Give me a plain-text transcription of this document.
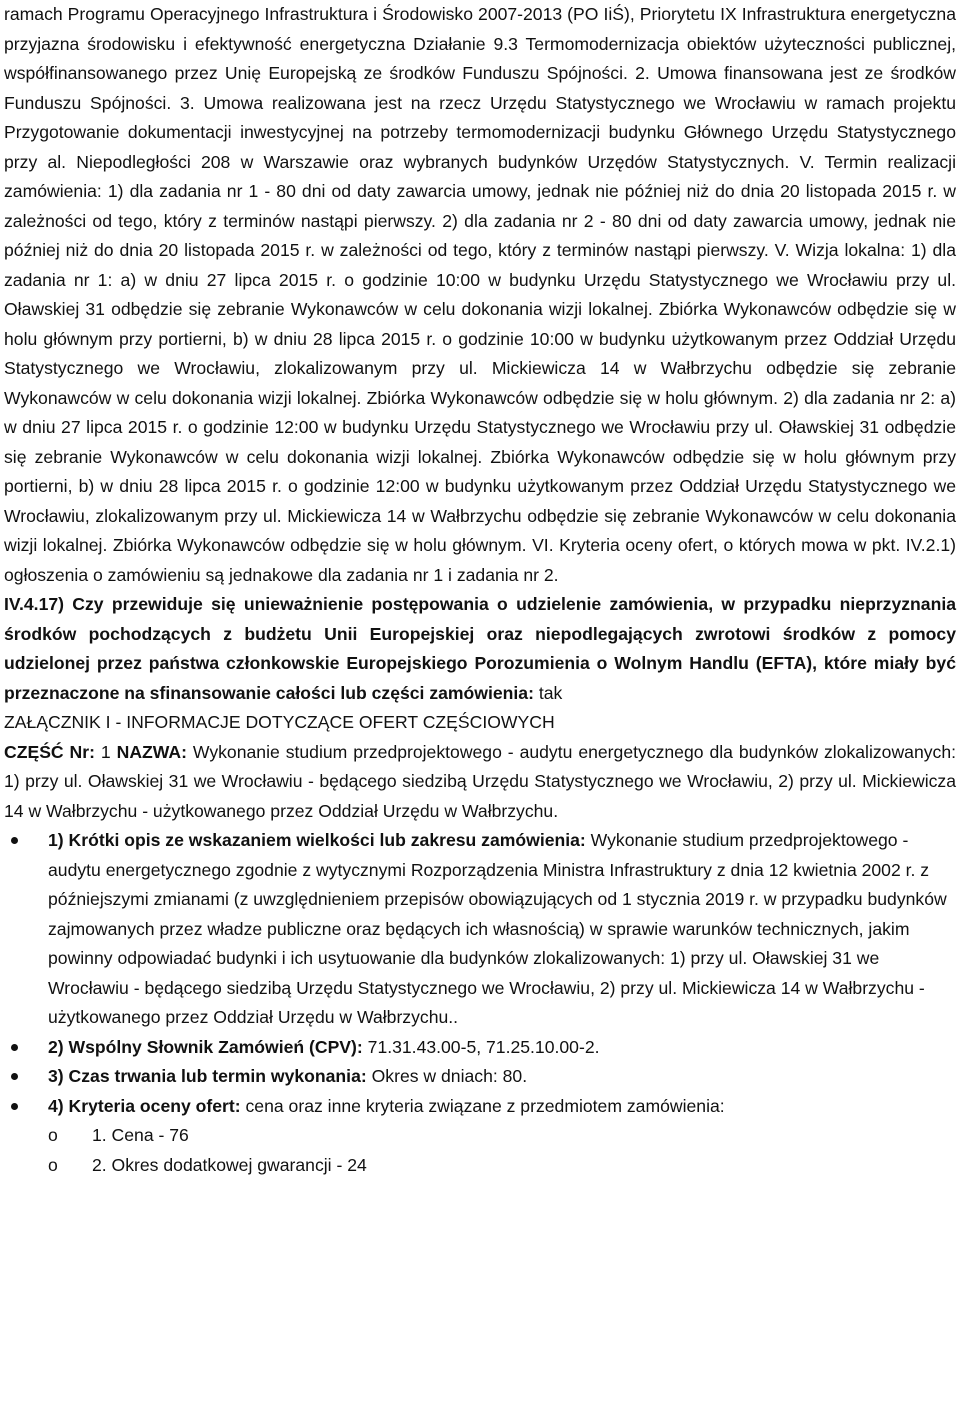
ramach Programu Operacyjnego Infrastruktura i Środowisko 2007-2013 (PO IiŚ), Priorytetu IX Infrastruktura energetyczna przyjazna środowisku i efektywność energetyczna Działanie 9.3 Termomodernizacja obiektów użyteczności publicznej, współfinansowanego przez Unię Europejską ze środków Funduszu Spójności. 2. Umowa finansowana jest ze środków Funduszu Spójności. 3. Umowa realizowana jest na rzecz Urzędu Statystycznego we Wrocławiu w ramach projektu Przygotowanie dokumentacji inwestycyjnej na potrzeby termomodernizacji budynku Głównego Urzędu Statystycznego przy al. Niepodległości 208 w Warszawie oraz wybranych budynków Urzędów Statystycznych. V. Termin realizacji zamówienia: 1) dla zadania nr 1 - 80 dni od daty zawarcia umowy, jednak nie później niż do dnia 20 listopada 2015 r. w zależności od tego, który z terminów nastąpi pierwszy. 2) dla zadania nr 2 - 80 dni od daty zawarcia umowy, jednak nie później niż do dnia 20 listopada 2015 r. w zależności od tego, który z terminów nastąpi pierwszy. V. Wizja lokalna: 1) dla zadania nr 1: a) w dniu 27 lipca 2015 r. o godzinie 10:00 w budynku Urzędu Statystycznego we Wrocławiu przy ul. Oławskiej 31 odbędzie się zebranie Wykonawców w celu dokonania wizji lokalnej. Zbiórka Wykonawców odbędzie się w holu głównym przy portierni, b) w dniu 28 lipca 2015 r. o godzinie 10:00 w budynku użytkowanym przez Oddział Urzędu Statystycznego we Wrocławiu, zlokalizowanym przy ul. Mickiewicza 14 w Wałbrzychu odbędzie się zebranie Wykonawców w celu dokonania wizji lokalnej. Zbiórka Wykonawców odbędzie się w holu głównym. 2) dla zadania nr 2: a) w dniu 27 lipca 2015 r. o godzinie 12:00 w budynku Urzędu Statystycznego we Wrocławiu przy ul. Oławskiej 31 odbędzie się zebranie Wykonawców w celu dokonania wizji lokalnej. Zbiórka Wykonawców odbędzie się w holu głównym przy portierni, b) w dniu 28 lipca 2015 r. o godzinie 12:00 w budynku użytkowanym przez Oddział Urzędu Statystycznego we Wrocławiu, zlokalizowanym przy ul. Mickiewicza 14 w Wałbrzychu odbędzie się zebranie Wykonawców w celu dokonania wizji lokalnej. Zbiórka Wykonawców odbędzie się w holu głównym. VI. Kryteria oceny ofert, o których mowa w pkt. IV.2.1) ogłoszenia o zamówieniu są jednakowe dla zadania nr 1 i zadania nr 2.

IV.4.17) Czy przewiduje się unieważnienie postępowania o udzielenie zamówienia, w przypadku nieprzyznania środków pochodzących z budżetu Unii Europejskiej oraz niepodlegających zwrotowi środków z pomocy udzielonej przez państwa członkowskie Europejskiego Porozumienia o Wolnym Handlu (EFTA), które miały być przeznaczone na sfinansowanie całości lub części zamówienia: tak

ZAŁĄCZNIK I - INFORMACJE DOTYCZĄCE OFERT CZĘŚCIOWYCH

CZĘŚĆ Nr: 1 NAZWA: Wykonanie studium przedprojektowego - audytu energetycznego dla budynków zlokalizowanych: 1) przy ul. Oławskiej 31 we Wrocławiu - będącego siedzibą Urzędu Statystycznego we Wrocławiu, 2) przy ul. Mickiewicza 14 w Wałbrzychu - użytkowanego przez Oddział Urzędu w Wałbrzychu.

1) Krótki opis ze wskazaniem wielkości lub zakresu zamówienia: Wykonanie studium przedprojektowego - audytu energetycznego zgodnie z wytycznymi Rozporządzenia Ministra Infrastruktury z dnia 12 kwietnia 2002 r. z późniejszymi zmianami (z uwzględnieniem przepisów obowiązujących od 1 stycznia 2019 r. w przypadku budynków zajmowanych przez władze publiczne oraz będących ich własnością) w sprawie warunków technicznych, jakim powinny odpowiadać budynki i ich usytuowanie dla budynków zlokalizowanych: 1) przy ul. Oławskiej 31 we Wrocławiu - będącego siedzibą Urzędu Statystycznego we Wrocławiu, 2) przy ul. Mickiewicza 14 w Wałbrzychu - użytkowanego przez Oddział Urzędu w Wałbrzychu..
2) Wspólny Słownik Zamówień (CPV): 71.31.43.00-5, 71.25.10.00-2.
3) Czas trwania lub termin wykonania: Okres w dniach: 80.
4) Kryteria oceny ofert: cena oraz inne kryteria związane z przedmiotem zamówienia:
o 1. Cena - 76
o 2. Okres dodatkowej gwarancji - 24
